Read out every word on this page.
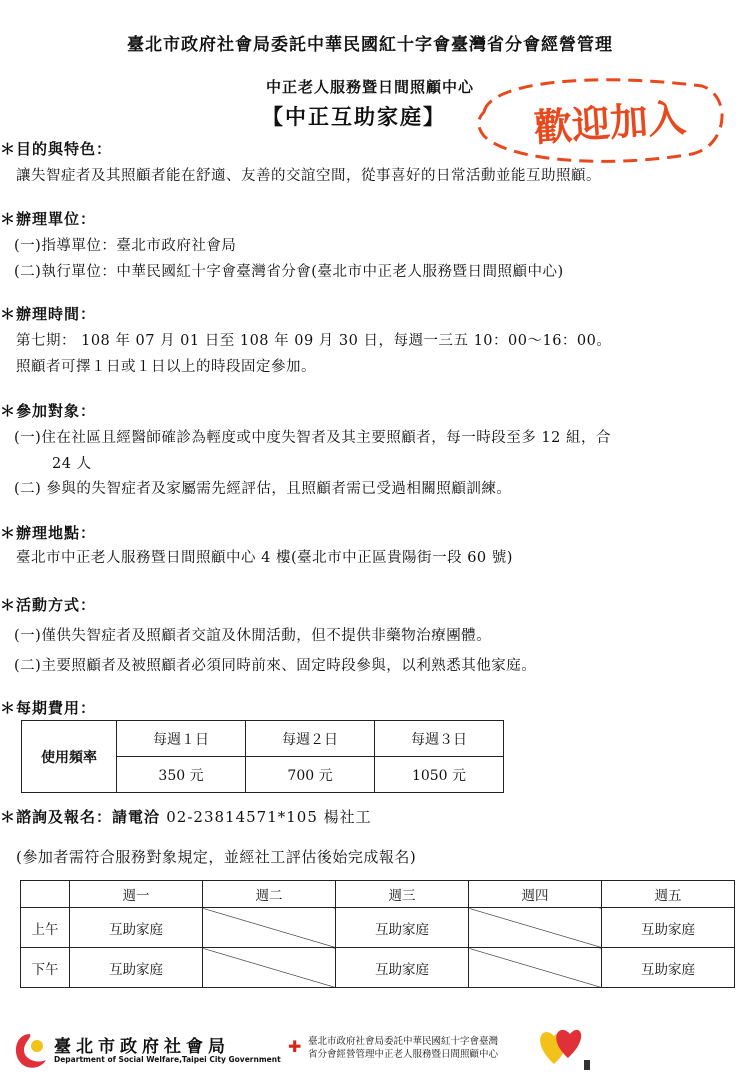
臺北市政府社會局委託中華民國紅十字會臺灣省分會經營管理
中正老人服務暨日間照顧中心
【中正互助家庭】 歡迎加入
＊目的與特色：
讓失智症者及其照顧者能在舒適、友善的交誼空間，從事喜好的日常活動並能互助照顧。
＊辦理單位：
(一)指導單位：臺北市政府社會局
(二)執行單位：中華民國紅十字會臺灣省分會(臺北市中正老人服務暨日間照顧中心)
＊辦理時間：
第七期： 108 年 07 月 01 日至 108 年 09 月 30 日，每週一三五 10：00～16：00。
照顧者可擇１日或１日以上的時段固定參加。
＊參加對象：
(一)住在社區且經醫師確診為輕度或中度失智者及其主要照顧者，每一時段至多 12 組，合
24 人
(二) 參與的失智症者及家屬需先經評估，且照顧者需已受過相關照顧訓練。
＊辦理地點：
臺北市中正老人服務暨日間照顧中心 4 樓(臺北市中正區貴陽街一段 60 號)
＊活動方式：
(一)僅供失智症者及照顧者交誼及休閒活動，但不提供非藥物治療團體。
(二)主要照顧者及被照顧者必須同時前來、固定時段參與，以利熟悉其他家庭。
＊每期費用：
使用頻率	每週１日	每週２日	每週３日
	350 元	700 元	1050 元
＊諮詢及報名：請電洽 02-23814571*105 楊社工
(參加者需符合服務對象規定，並經社工評估後始完成報名)
	週一	週二	週三	週四	週五
上午	互助家庭		互助家庭		互助家庭
下午	互助家庭		互助家庭		互助家庭
臺北市政府社會局
Department of Social Welfare,Taipei City Government
✚ 臺北市政府社會局委託中華民國紅十字會臺灣
省分會經營管理中正老人服務暨日間照顧中心
